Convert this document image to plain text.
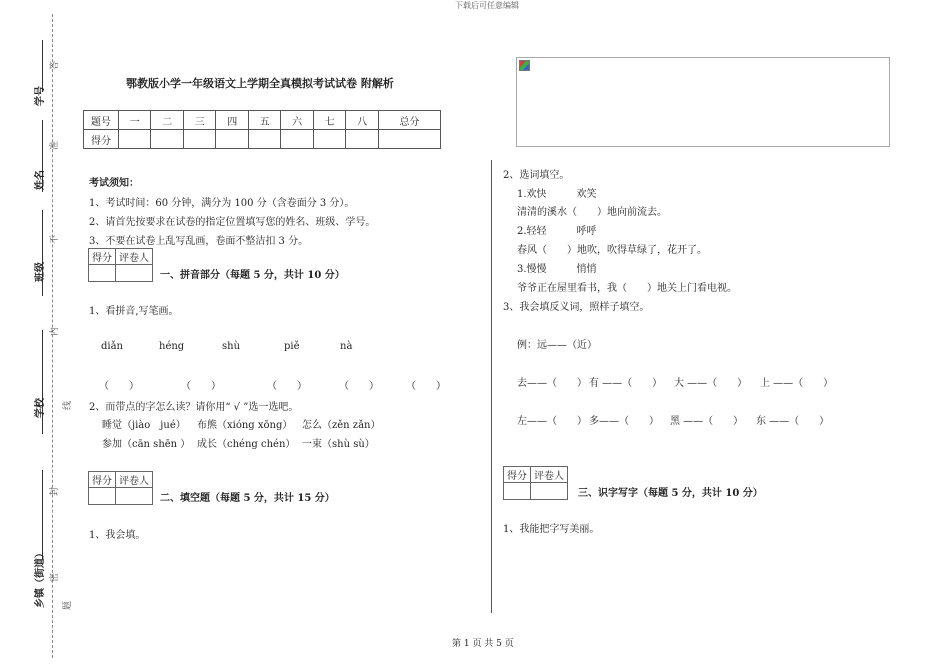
下载后可任意编辑
第 1 页 共 5 页
学号
姓名
班级
学校
乡镇（街道）
答
准
不
内
线
封
密
题
鄂教版小学一年级语文上学期全真模拟考试试卷 附解析
题号	一	二	三	四	五	六	七	八	总分
得分									
考试须知：
1、考试时间：60 分钟，满分为 100 分（含卷面分 3 分）。
2、请首先按要求在试卷的指定位置填写您的姓名、班级、学号。
3、不要在试卷上乱写乱画，卷面不整洁扣 3 分。
得分	评卷人

一、拼音部分（每题 5 分，共计 10 分）
1、看拼音,写笔画。
diǎn	héng	shù	piě	nà
（　　）	（　　）	（　　）	（　　）	（　　）
2、而带点的字怎么读？请你用“ √ ”选一选吧。
睡觉（jiào　jué） 布熊（xióng xōng） 怎么（zěn zǎn）
参加（cān shēn ） 成长（chéng chén） 一束（shù sù）
得分	评卷人

二、填空题（每题 5 分，共计 15 分）
1、我会填。
2、选词填空。
1.欢快　　　欢笑
清清的溪水（　　）地向前流去。
2.轻轻　　　呼呼
春风（　　）地吹，吹得草绿了，花开了。
3.慢慢　　　悄悄
爷爷正在屋里看书，我（　　）地关上门看电视。
3、我会填反义词，照样子填空。
例：远——（近）
去——（　　） 有 ——（　　） 大 ——（　　） 上 ——（　　）
左——（　　） 多——（　　） 黑 ——（　　） 东 ——（　　）
得分	评卷人

三、识字写字（每题 5 分，共计 10 分）
1、我能把字写美丽。
